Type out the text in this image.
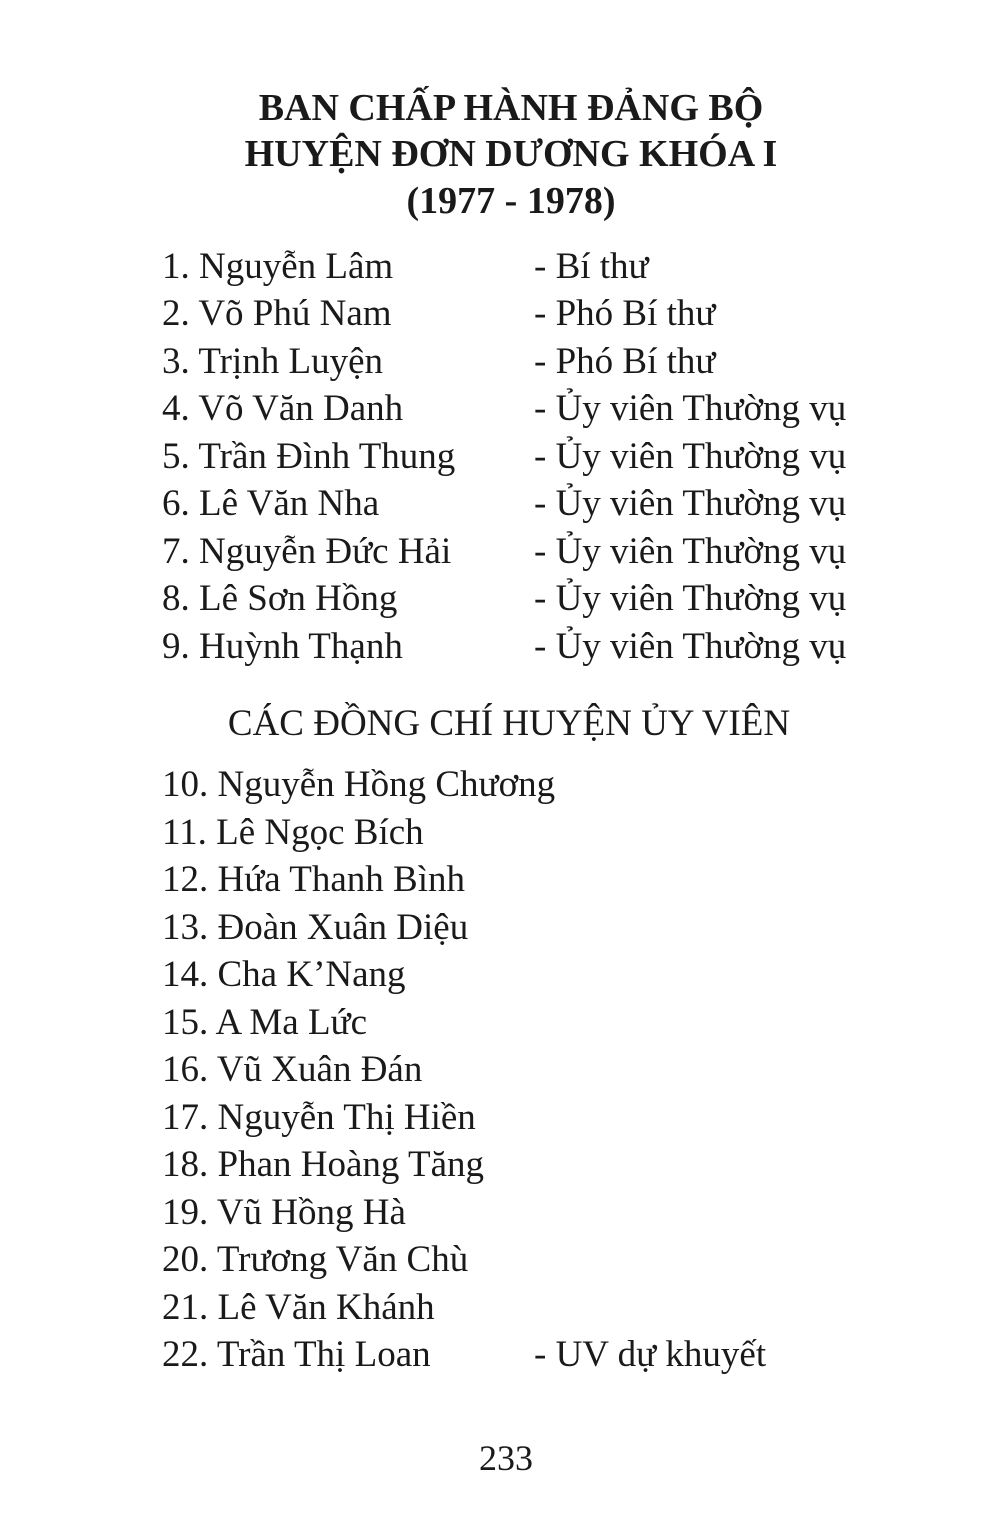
BAN CHẤP HÀNH ĐẢNG BỘ
HUYỆN ĐƠN DƯƠNG KHÓA I
(1977 - 1978)
1. Nguyễn Lâm	- Bí thư
2. Võ Phú Nam	- Phó Bí thư
3. Trịnh Luyện	- Phó Bí thư
4. Võ Văn Danh	- Ủy viên Thường vụ
5. Trần Đình Thung - Ủy viên Thường vụ
6. Lê Văn Nha	- Ủy viên Thường vụ
7. Nguyễn Đức Hải - Ủy viên Thường vụ
8. Lê Sơn Hồng	- Ủy viên Thường vụ
9. Huỳnh Thạnh	- Ủy viên Thường vụ
CÁC ĐỒNG CHÍ HUYỆN ỦY VIÊN
10. Nguyễn Hồng Chương
11. Lê Ngọc Bích
12. Hứa Thanh Bình
13. Đoàn Xuân Diệu
14. Cha K’Nang
15. A Ma Lức
16. Vũ Xuân Đán
17. Nguyễn Thị Hiền
18. Phan Hoàng Tăng
19. Vũ Hồng Hà
20. Trương Văn Chù
21. Lê Văn Khánh
22. Trần Thị Loan	- UV dự khuyết
233
